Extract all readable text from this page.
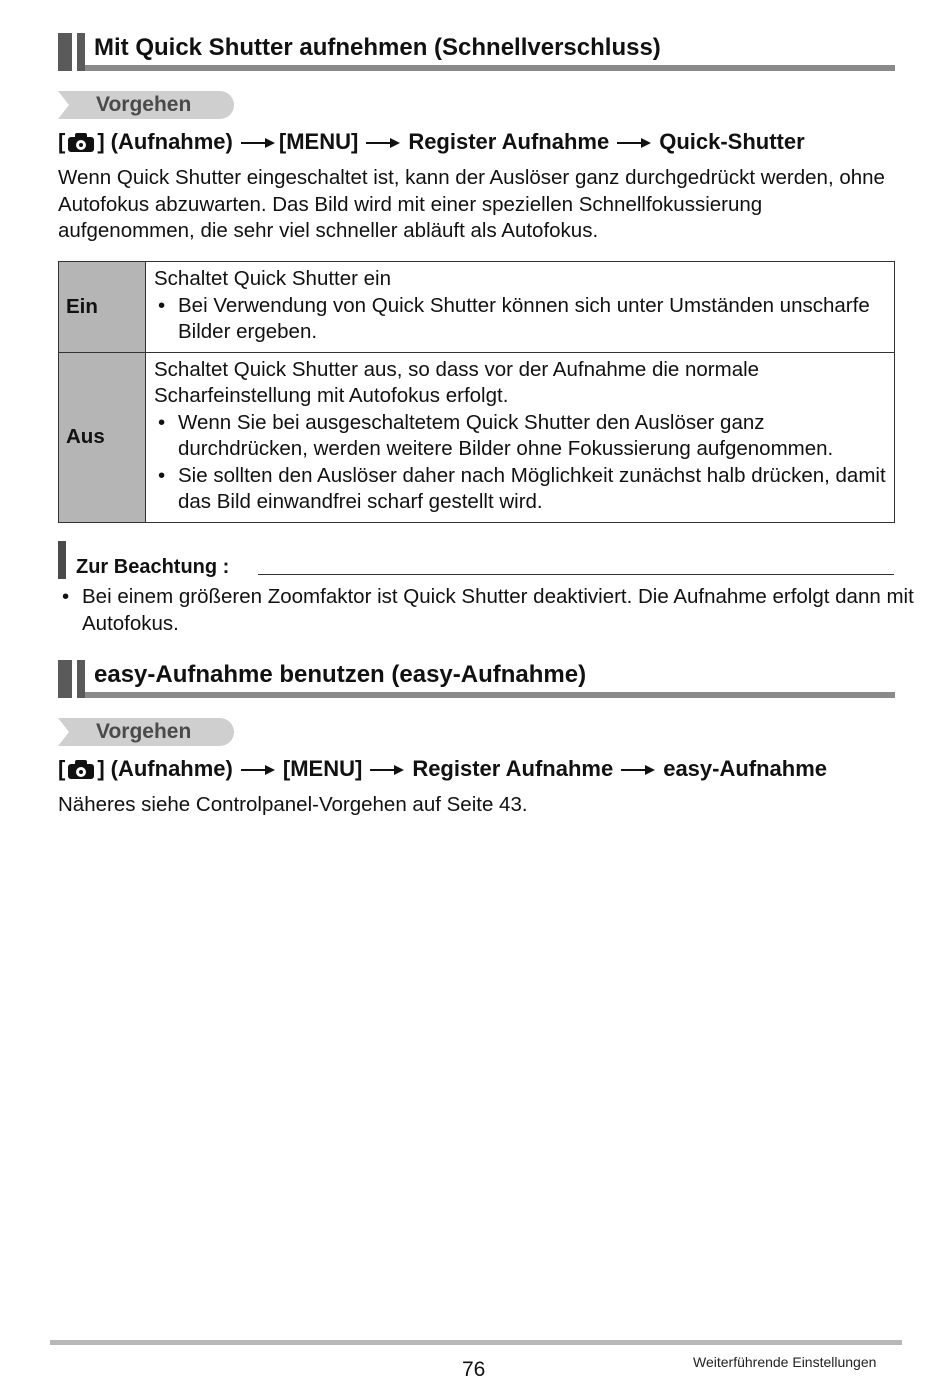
Mit Quick Shutter aufnehmen (Schnellverschluss)
Vorgehen
[ ] (Aufnahme) [MENU] Register Aufnahme Quick-Shutter
Wenn Quick Shutter eingeschaltet ist, kann der Auslöser ganz durchgedrückt werden, ohne Autofokus abzuwarten. Das Bild wird mit einer speziellen Schnellfokussierung aufgenommen, die sehr viel schneller abläuft als Autofokus.
Ein	Schaltet Quick Shutter ein
• Bei Verwendung von Quick Shutter können sich unter Umständen unscharfe Bilder ergeben.

Aus	Schaltet Quick Shutter aus, so dass vor der Aufnahme die normale Scharfeinstellung mit Autofokus erfolgt.
• Wenn Sie bei ausgeschaltetem Quick Shutter den Auslöser ganz durchdrücken, werden weitere Bilder ohne Fokussierung aufgenommen.
• Sie sollten den Auslöser daher nach Möglichkeit zunächst halb drücken, damit das Bild einwandfrei scharf gestellt wird.
Zur Beachtung :
• Bei einem größeren Zoomfaktor ist Quick Shutter deaktiviert. Die Aufnahme erfolgt dann mit Autofokus.
easy-Aufnahme benutzen (easy-Aufnahme)
Vorgehen
[ ] (Aufnahme) [MENU] Register Aufnahme easy-Aufnahme
Näheres siehe Controlpanel-Vorgehen auf Seite 43.
76	Weiterführende Einstellungen
